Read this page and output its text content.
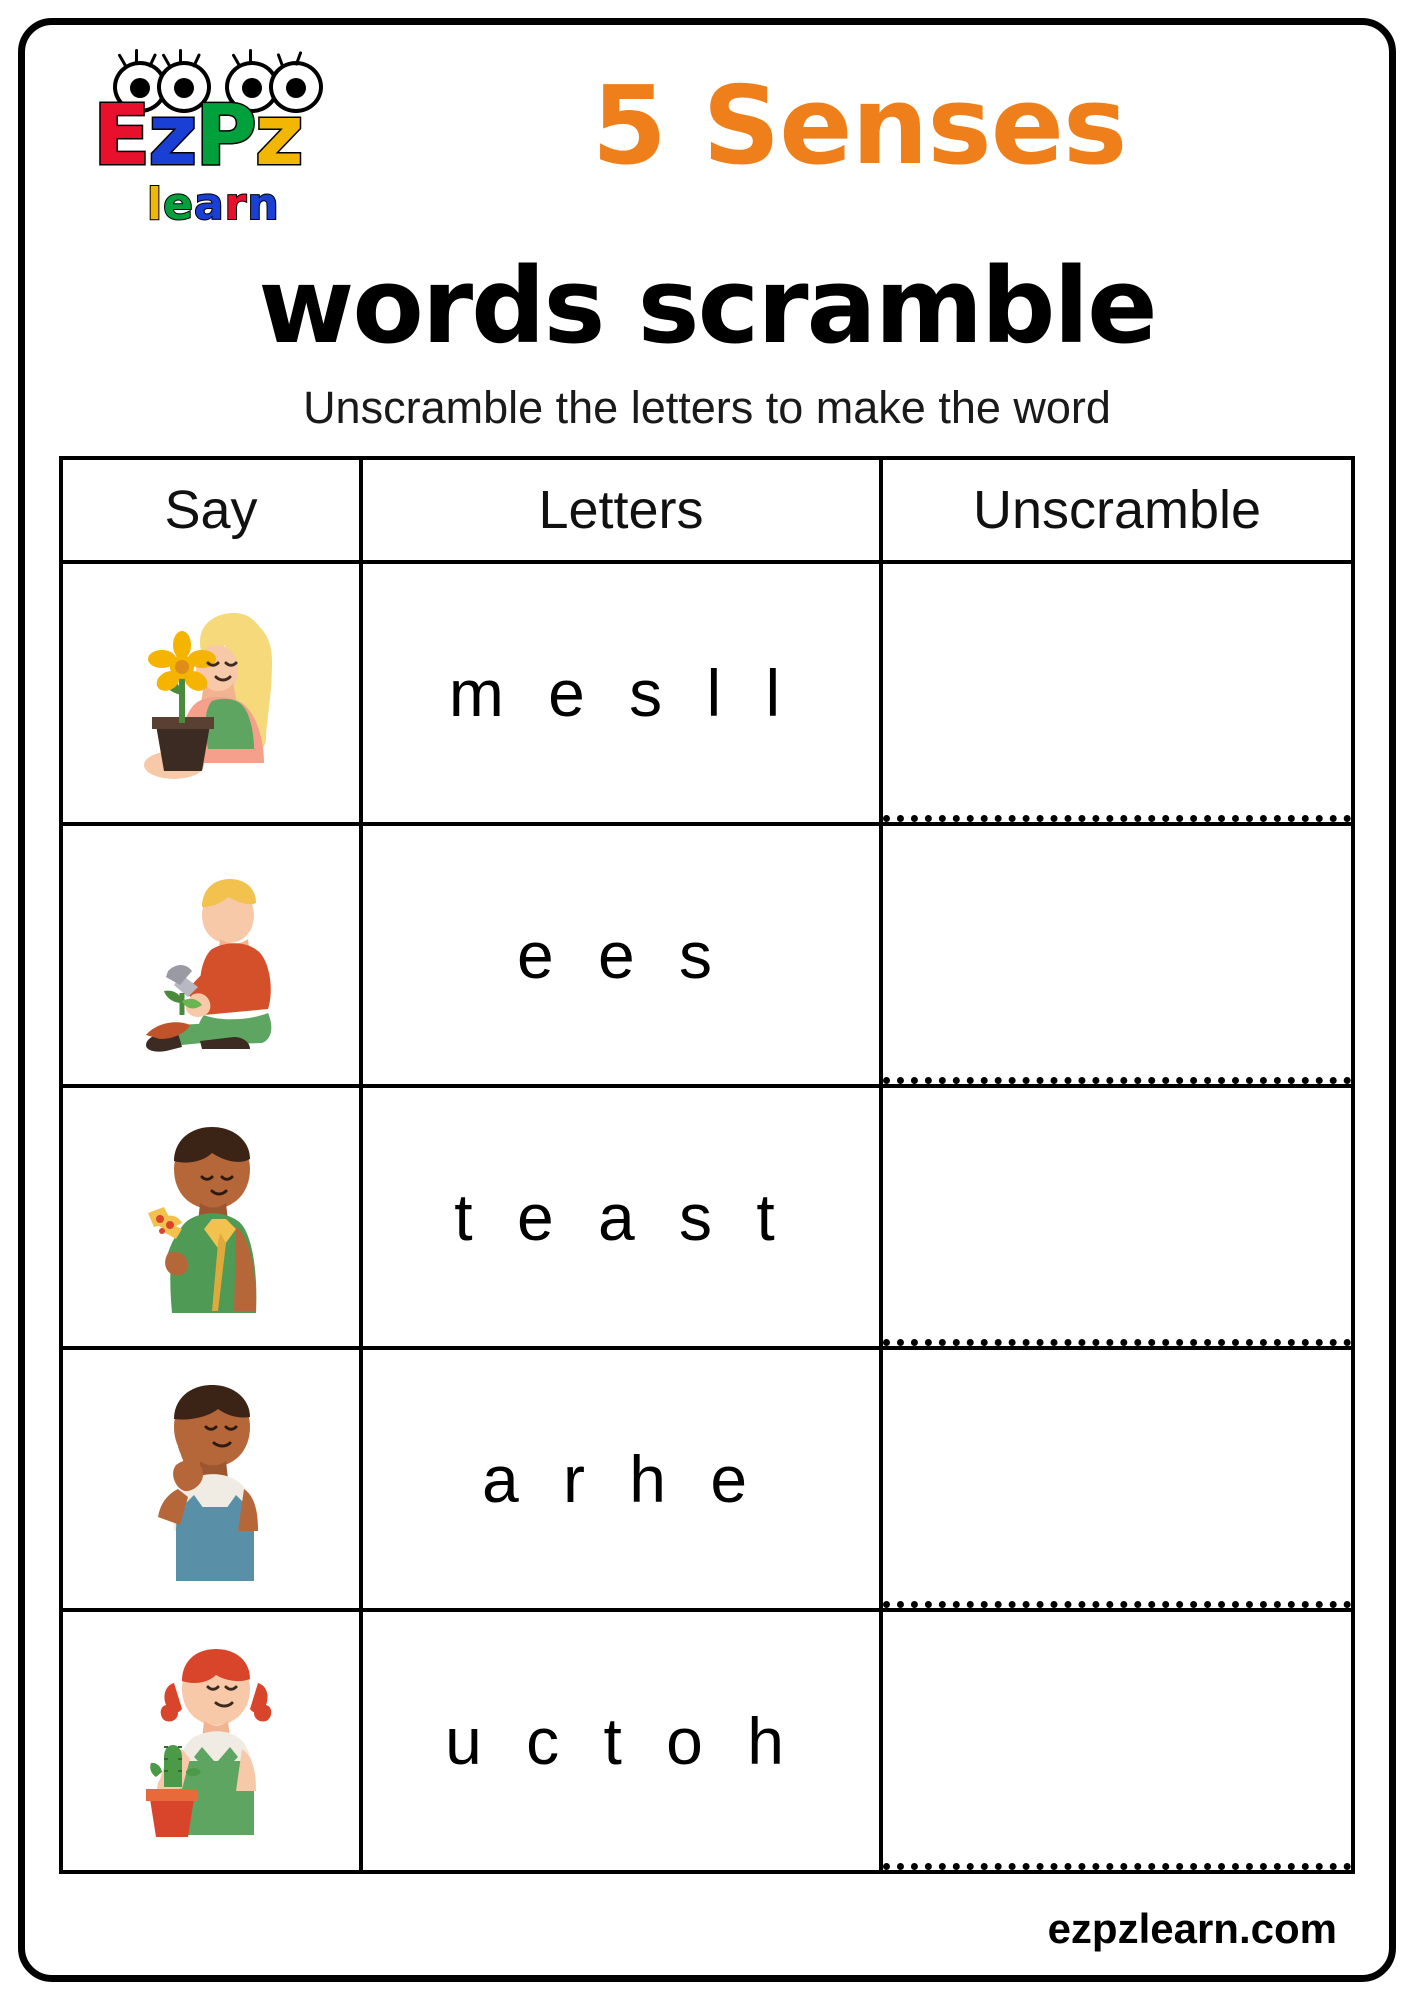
EzPz
learn
5 Senses
words scramble
Unscramble the letters to make the word
Say	Letters	Unscramble
	m e s l l	

	e e s	

	t e a s t	

	a r h e	

	u c t o h	
ezpzlearn.com
